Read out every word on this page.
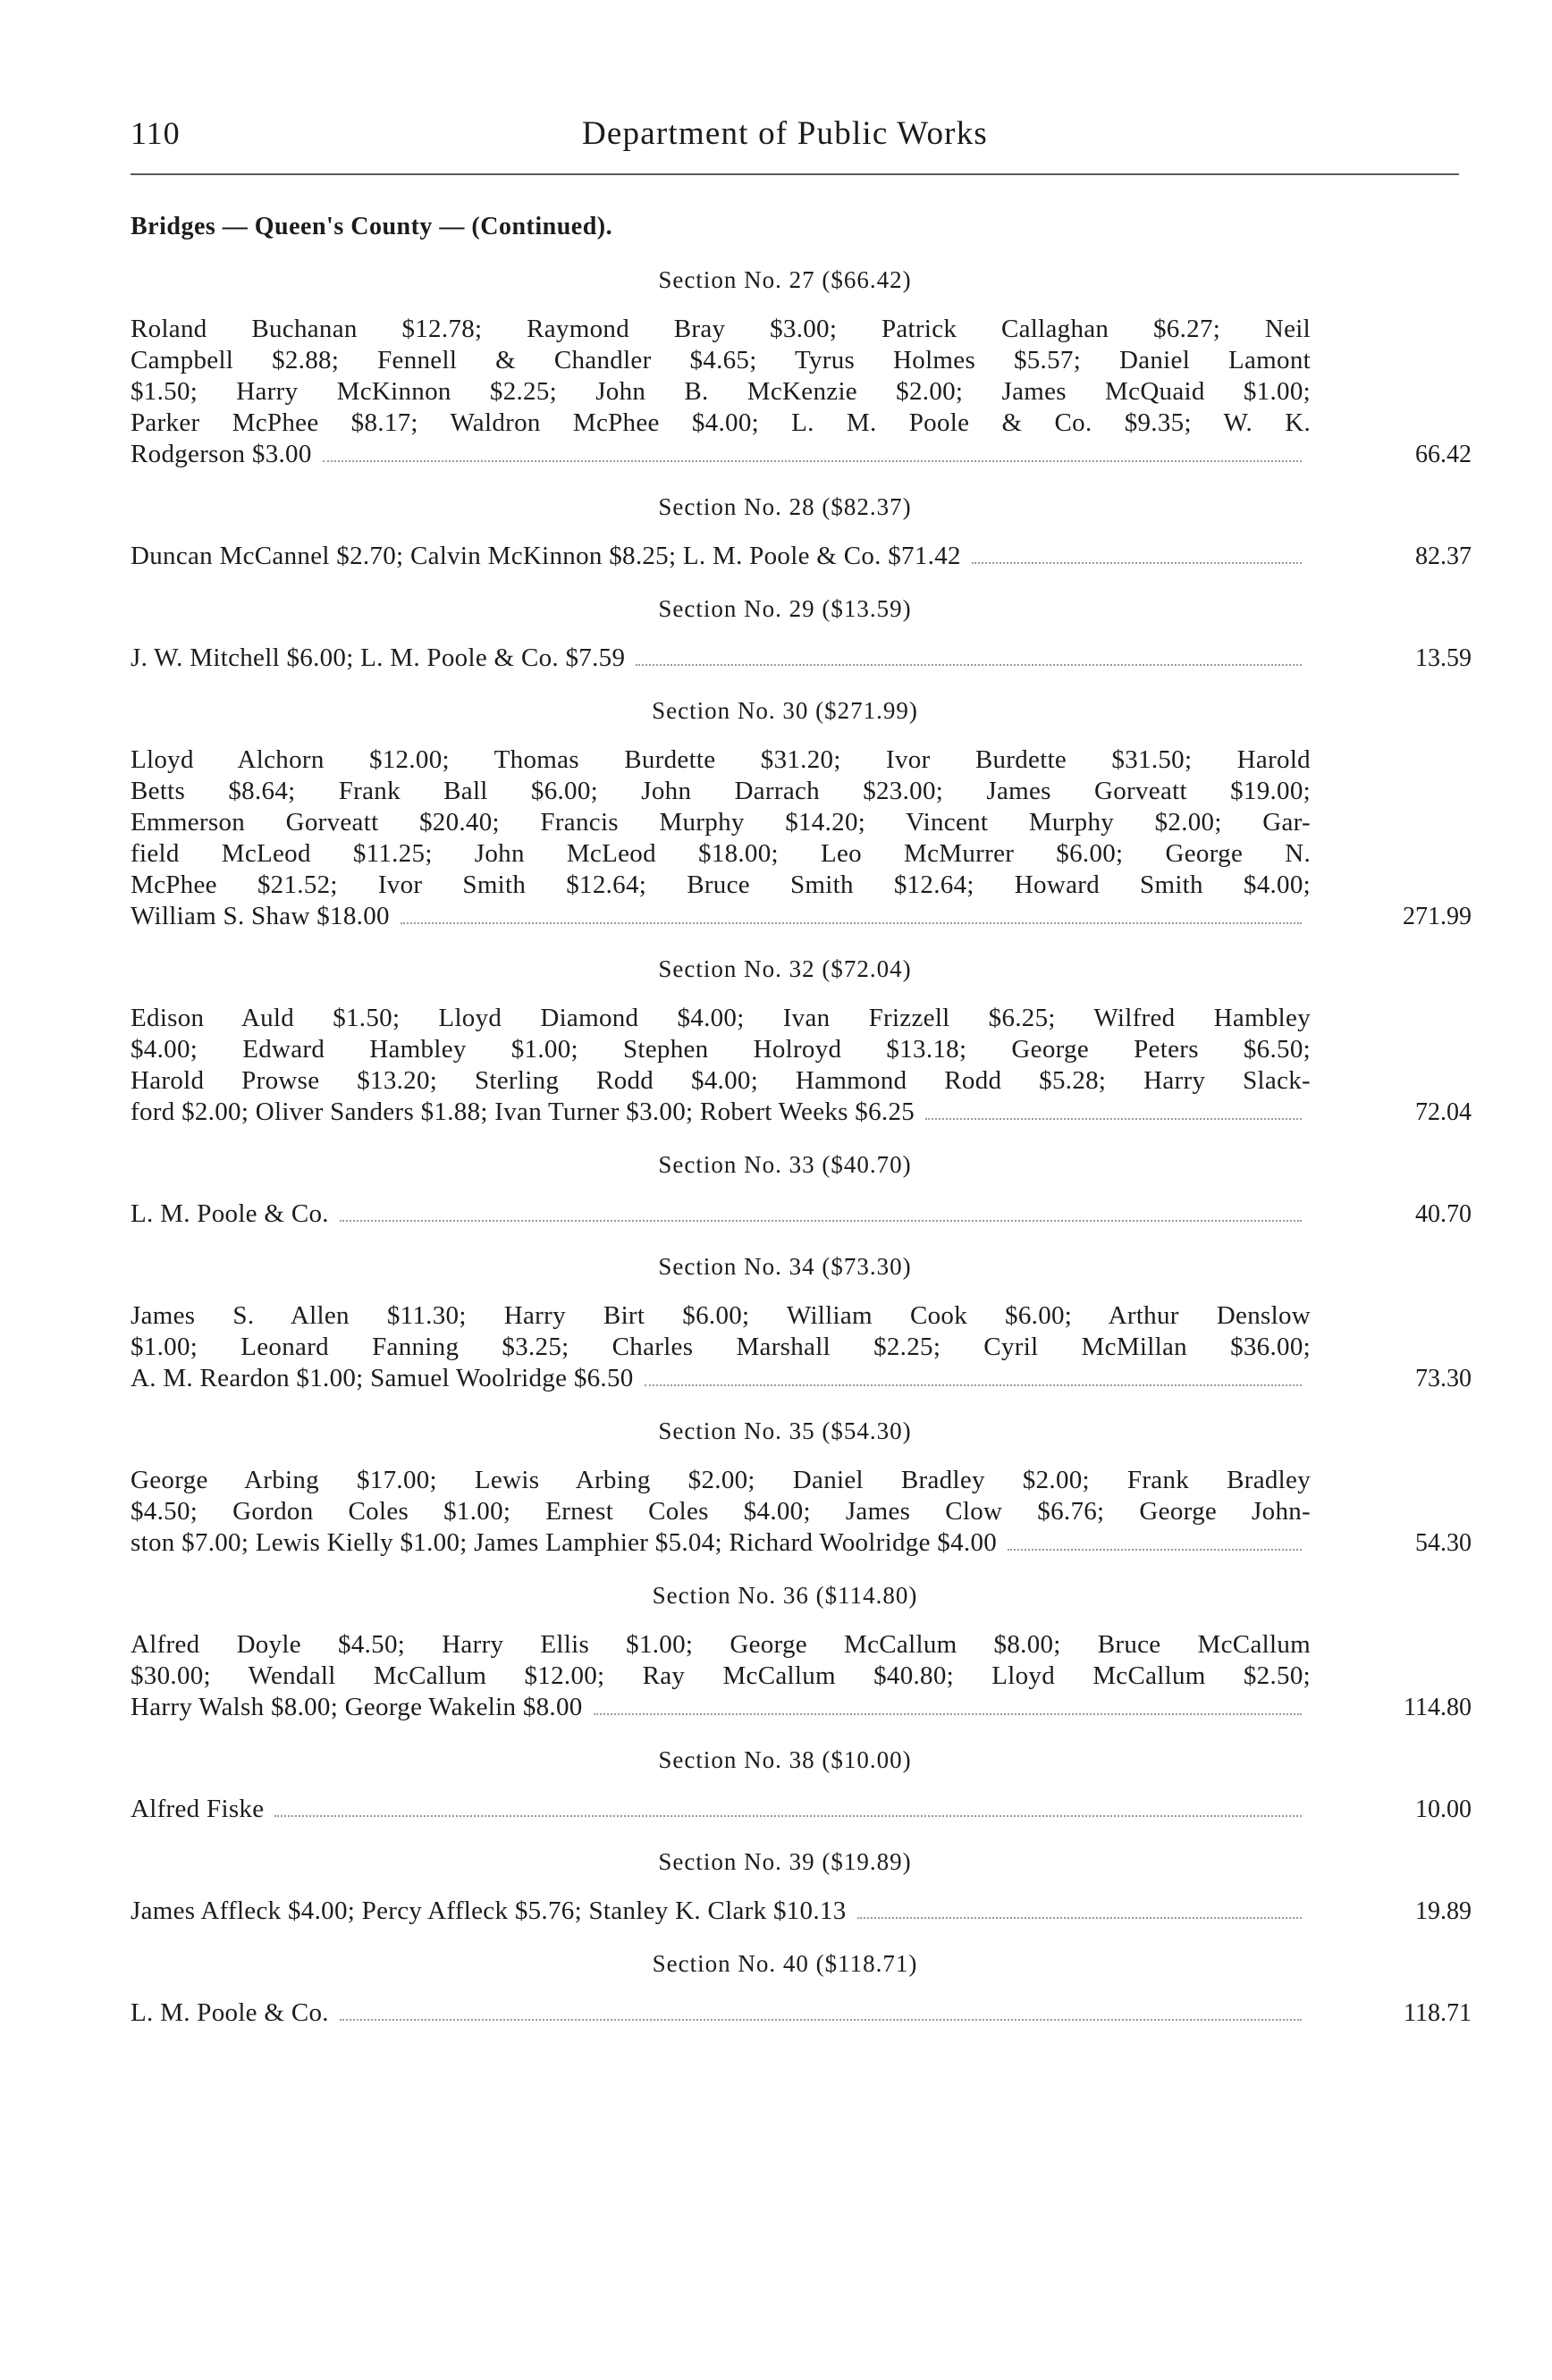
110	Department of Public Works
Bridges — Queen's County — (Continued).
Section No. 27 ($66.42)
Roland Buchanan $12.78; Raymond Bray $3.00; Patrick Callaghan $6.27; Neil
Campbell $2.88; Fennell & Chandler $4.65; Tyrus Holmes $5.57; Daniel Lamont
$1.50; Harry McKinnon $2.25; John B. McKenzie $2.00; James McQuaid $1.00;
Parker McPhee $8.17; Waldron McPhee $4.00; L. M. Poole & Co. $9.35; W. K.
Rodgerson $3.00	66.42
Section No. 28 ($82.37)
Duncan McCannel $2.70; Calvin McKinnon $8.25; L. M. Poole & Co. $71.42	82.37
Section No. 29 ($13.59)
J. W. Mitchell $6.00; L. M. Poole & Co. $7.59	13.59
Section No. 30 ($271.99)
Lloyd Alchorn $12.00; Thomas Burdette $31.20; Ivor Burdette $31.50; Harold
Betts $8.64; Frank Ball $6.00; John Darrach $23.00; James Gorveatt $19.00;
Emmerson Gorveatt $20.40; Francis Murphy $14.20; Vincent Murphy $2.00; Gar-
field McLeod $11.25; John McLeod $18.00; Leo McMurrer $6.00; George N.
McPhee $21.52; Ivor Smith $12.64; Bruce Smith $12.64; Howard Smith $4.00;
William S. Shaw $18.00	271.99
Section No. 32 ($72.04)
Edison Auld $1.50; Lloyd Diamond $4.00; Ivan Frizzell $6.25; Wilfred Hambley
$4.00; Edward Hambley $1.00; Stephen Holroyd $13.18; George Peters $6.50;
Harold Prowse $13.20; Sterling Rodd $4.00; Hammond Rodd $5.28; Harry Slack-
ford $2.00; Oliver Sanders $1.88; Ivan Turner $3.00; Robert Weeks $6.25	72.04
Section No. 33 ($40.70)
L. M. Poole & Co.	40.70
Section No. 34 ($73.30)
James S. Allen $11.30; Harry Birt $6.00; William Cook $6.00; Arthur Denslow
$1.00; Leonard Fanning $3.25; Charles Marshall $2.25; Cyril McMillan $36.00;
A. M. Reardon $1.00; Samuel Woolridge $6.50	73.30
Section No. 35 ($54.30)
George Arbing $17.00; Lewis Arbing $2.00; Daniel Bradley $2.00; Frank Bradley
$4.50; Gordon Coles $1.00; Ernest Coles $4.00; James Clow $6.76; George John-
ston $7.00; Lewis Kielly $1.00; James Lamphier $5.04; Richard Woolridge $4.00	54.30
Section No. 36 ($114.80)
Alfred Doyle $4.50; Harry Ellis $1.00; George McCallum $8.00; Bruce McCallum
$30.00; Wendall McCallum $12.00; Ray McCallum $40.80; Lloyd McCallum $2.50;
Harry Walsh $8.00; George Wakelin $8.00	114.80
Section No. 38 ($10.00)
Alfred Fiske	10.00
Section No. 39 ($19.89)
James Affleck $4.00; Percy Affleck $5.76; Stanley K. Clark $10.13	19.89
Section No. 40 ($118.71)
L. M. Poole & Co.	118.71
